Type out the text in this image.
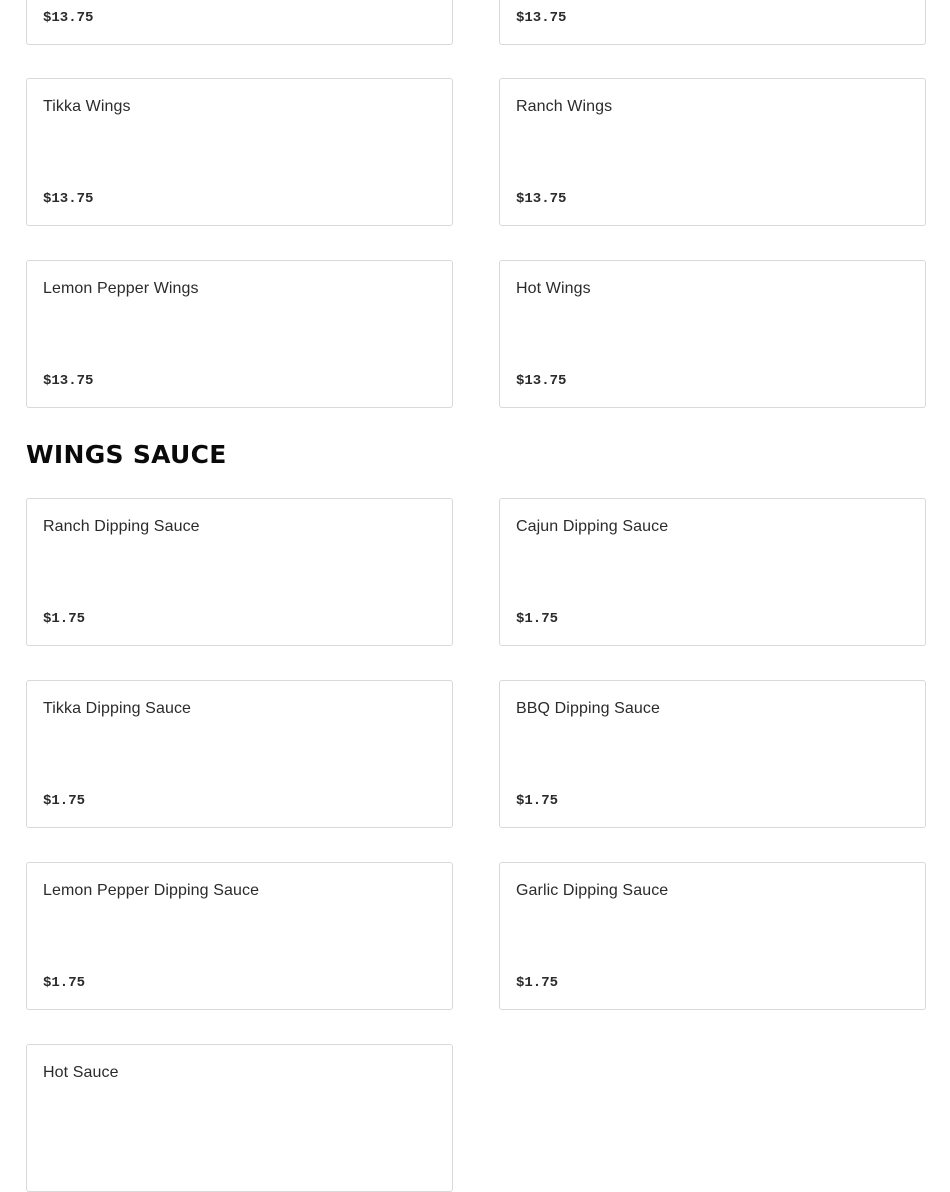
$13.75	$13.75
Tikka Wings
$13.75
Ranch Wings
$13.75
Lemon Pepper Wings
$13.75
Hot Wings
$13.75
WINGS SAUCE
Ranch Dipping Sauce
$1.75
Cajun Dipping Sauce
$1.75
Tikka Dipping Sauce
$1.75
BBQ Dipping Sauce
$1.75
Lemon Pepper Dipping Sauce
$1.75
Garlic Dipping Sauce
$1.75
Hot Sauce
